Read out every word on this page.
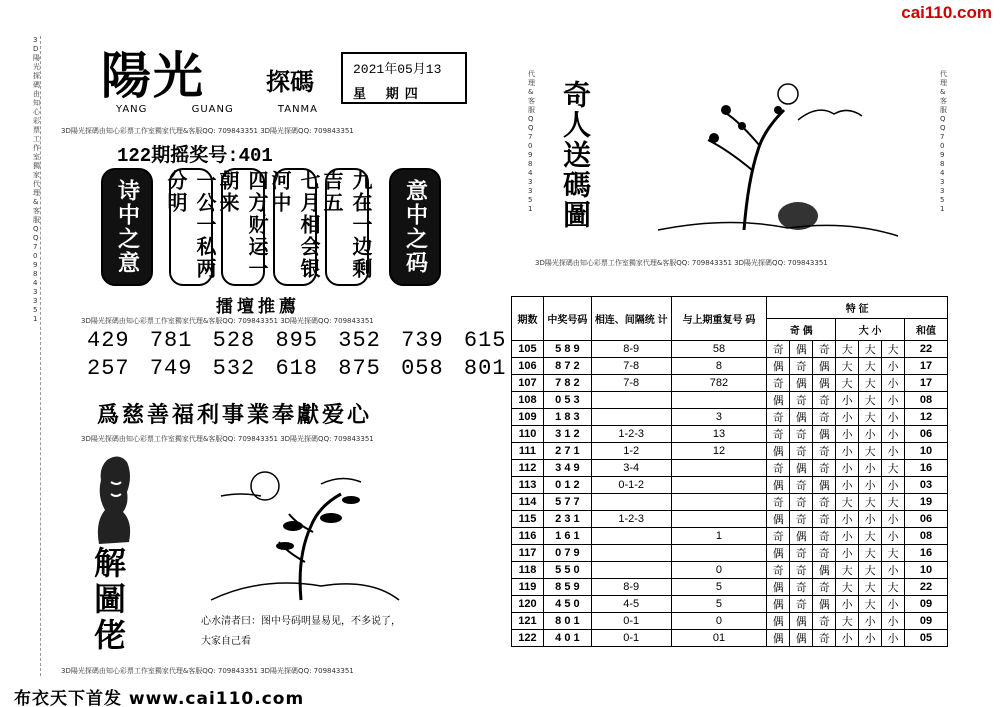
cai110.com
3D陽光探碼由知心彩票工作室獨家代理&客服QQ709843351
陽光	探碼
YANG GUANG TANMA
2021年05月13
星 期四
3D陽光探碼由知心彩票工作室獨家代理&客服QQ: 709843351 3D陽光探碼QQ: 709843351
122期摇奖号:401
诗中之意	一公一私两分明	四方财运一朝来	七月相会银河中	九在一边剩吉五	意中之码
擂壇推薦
3D陽光探碼由知心彩票工作室獨家代理&客服QQ: 709843351 3D陽光探碼QQ: 709843351
429 781 528 895 352 739 615
257 749 532 618 875 058 801
爲慈善福利事業奉獻爱心
3D陽光探碼由知心彩票工作室獨家代理&客服QQ: 709843351 3D陽光探碼QQ: 709843351
解圖佬	心水清者曰：图中号码明显易见，不多说了，
大家自己看
3D陽光探碼由知心彩票工作室獨家代理&客服QQ: 709843351 3D陽光探碼QQ: 709843351
布衣天下首发 www.cai110.com
代理&客服QQ709843351
代理&客服QQ709843351
奇人送碼圖
3D陽光探碼由知心彩票工作室獨家代理&客服QQ: 709843351 3D陽光探碼QQ: 709843351
期数	中奖号码	相连、间隔统 计	与上期重复号 码	特 征						
				奇 偶			大 小			和值
105	5 8 9	8-9	58	奇	偶	奇	大	大	大	22
106	8 7 2	7-8	8	偶	奇	偶	大	大	小	17
107	7 8 2	7-8	782	奇	偶	偶	大	大	小	17
108	0 5 3			偶	奇	奇	小	大	小	08
109	1 8 3		3	奇	偶	奇	小	大	小	12
110	3 1 2	1-2-3	13	奇	奇	偶	小	小	小	06
111	2 7 1	1-2	12	偶	奇	奇	小	大	小	10
112	3 4 9	3-4		奇	偶	奇	小	小	大	16
113	0 1 2	0-1-2		偶	奇	偶	小	小	小	03
114	5 7 7			奇	奇	奇	大	大	大	19
115	2 3 1	1-2-3		偶	奇	奇	小	小	小	06
116	1 6 1		1	奇	偶	奇	小	大	小	08
117	0 7 9			偶	奇	奇	小	大	大	16
118	5 5 0		0	奇	奇	偶	大	大	小	10
119	8 5 9	8-9	5	偶	奇	奇	大	大	大	22
120	4 5 0	4-5	5	偶	奇	偶	小	大	小	09
121	8 0 1	0-1	0	偶	偶	奇	大	小	小	09
122	4 0 1	0-1	01	偶	偶	奇	小	小	小	05
